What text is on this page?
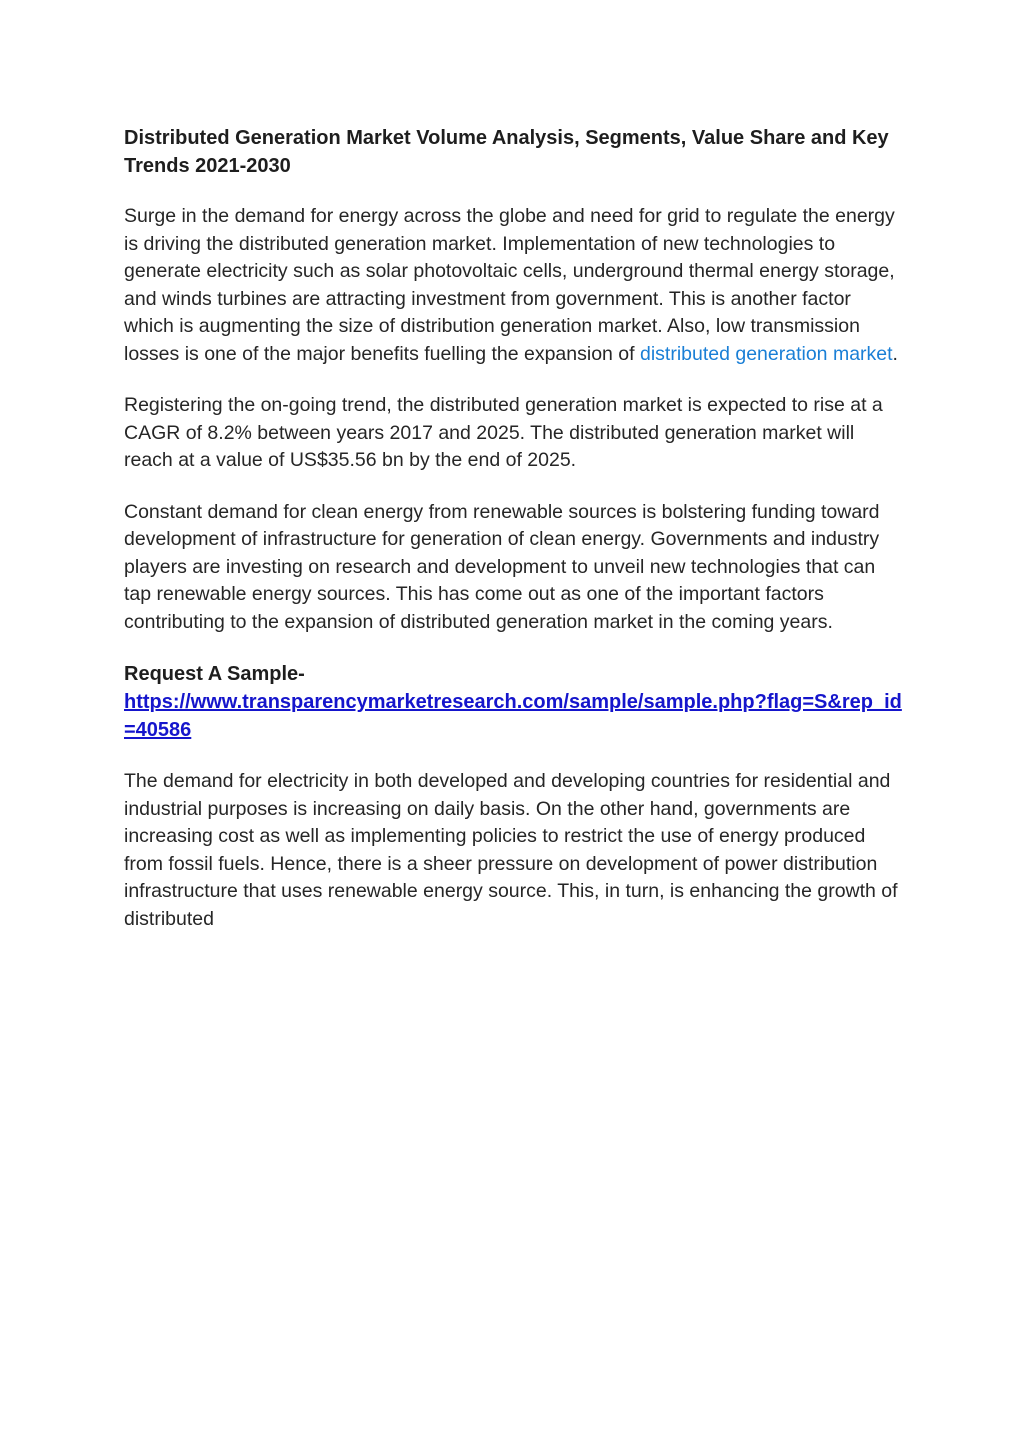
Distributed Generation Market Volume Analysis, Segments, Value Share and Key Trends 2021-2030

Surge in the demand for energy across the globe and need for grid to regulate the energy is driving the distributed generation market. Implementation of new technologies to generate electricity such as solar photovoltaic cells, underground thermal energy storage, and winds turbines are attracting investment from government. This is another factor which is augmenting the size of distribution generation market. Also, low transmission losses is one of the major benefits fuelling the expansion of distributed generation market.

Registering the on-going trend, the distributed generation market is expected to rise at a CAGR of 8.2% between years 2017 and 2025. The distributed generation market will reach at a value of US$35.56 bn by the end of 2025.

Constant demand for clean energy from renewable sources is bolstering funding toward development of infrastructure for generation of clean energy. Governments and industry players are investing on research and development to unveil new technologies that can tap renewable energy sources. This has come out as one of the important factors contributing to the expansion of distributed generation market in the coming years.

Request A Sample-

https://www.transparencymarketresearch.com/sample/sample.php?flag=S&rep_id=40586

The demand for electricity in both developed and developing countries for residential and industrial purposes is increasing on daily basis. On the other hand, governments are increasing cost as well as implementing policies to restrict the use of energy produced from fossil fuels. Hence, there is a sheer pressure on development of power distribution infrastructure that uses renewable energy source. This, in turn, is enhancing the growth of distributed
